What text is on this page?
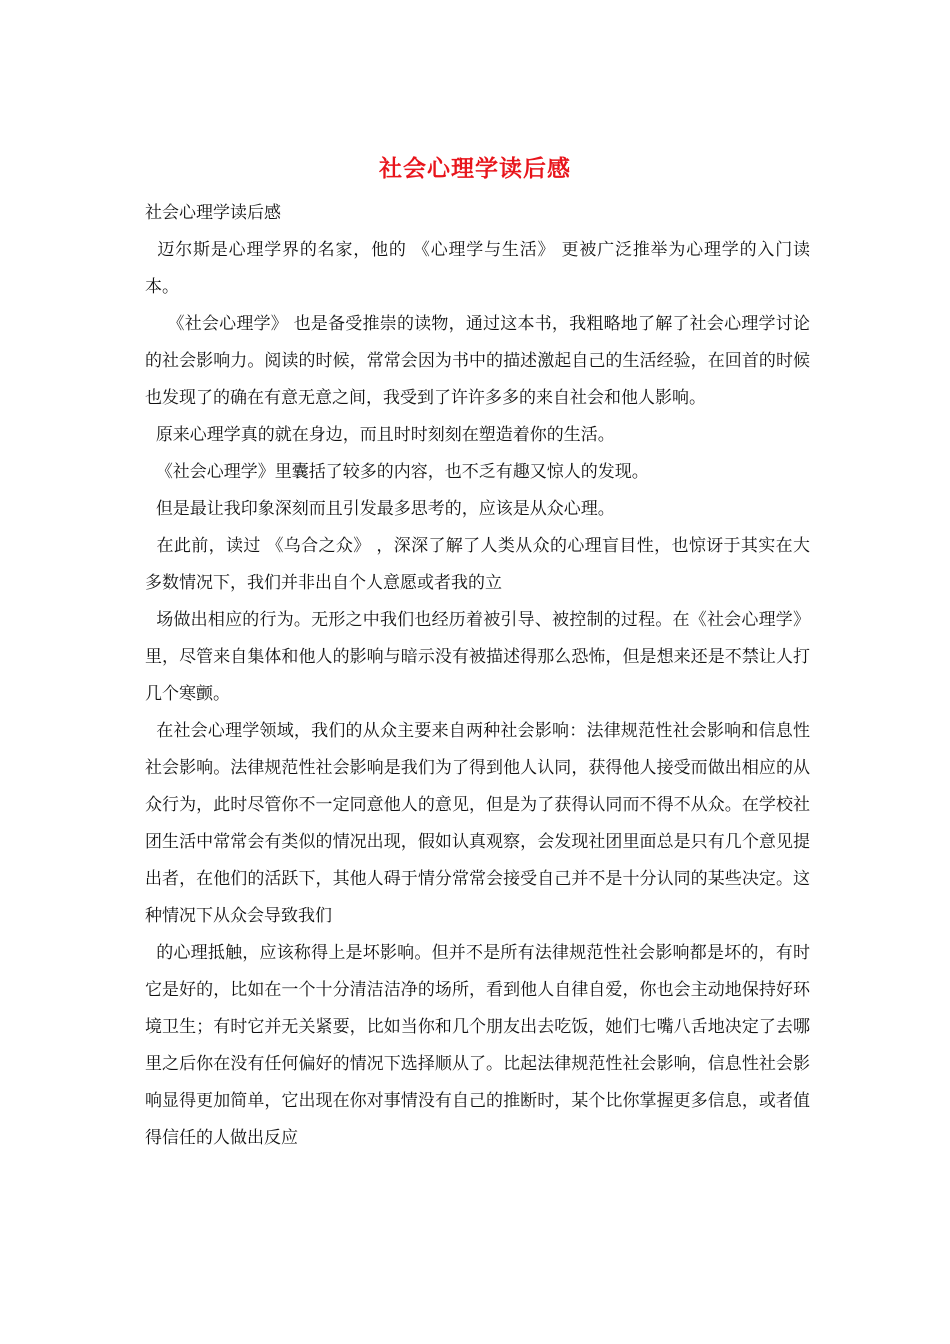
社会心理学读后感

社会心理学读后感

迈尔斯是心理学界的名家，他的 《心理学与生活》 更被广泛推举为心理学的入门读本。

《社会心理学》 也是备受推崇的读物，通过这本书，我粗略地了解了社会心理学讨论的社会影响力。阅读的时候，常常会因为书中的描述激起自己的生活经验，在回首的时候也发现了的确在有意无意之间，我受到了许许多多的来自社会和他人影响。

原来心理学真的就在身边，而且时时刻刻在塑造着你的生活。

《社会心理学》里囊括了较多的内容，也不乏有趣又惊人的发现。

但是最让我印象深刻而且引发最多思考的，应该是从众心理。

在此前，读过 《乌合之众》 ，深深了解了人类从众的心理盲目性，也惊讶于其实在大多数情况下，我们并非出自个人意愿或者我的立

场做出相应的行为。无形之中我们也经历着被引导、被控制的过程。在《社会心理学》 里，尽管来自集体和他人的影响与暗示没有被描述得那么恐怖，但是想来还是不禁让人打几个寒颤。

在社会心理学领域，我们的从众主要来自两种社会影响：法律规范性社会影响和信息性社会影响。法律规范性社会影响是我们为了得到他人认同，获得他人接受而做出相应的从众行为，此时尽管你不一定同意他人的意见，但是为了获得认同而不得不从众。在学校社团生活中常常会有类似的情况出现，假如认真观察，会发现社团里面总是只有几个意见提出者，在他们的活跃下，其他人碍于情分常常会接受自己并不是十分认同的某些决定。这种情况下从众会导致我们

的心理抵触，应该称得上是坏影响。但并不是所有法律规范性社会影响都是坏的，有时它是好的，比如在一个十分清洁洁净的场所，看到他人自律自爱，你也会主动地保持好环境卫生；有时它并无关紧要，比如当你和几个朋友出去吃饭，她们七嘴八舌地决定了去哪里之后你在没有任何偏好的情况下选择顺从了。比起法律规范性社会影响，信息性社会影响显得更加简单，它出现在你对事情没有自己的推断时，某个比你掌握更多信息，或者值得信任的人做出反应
